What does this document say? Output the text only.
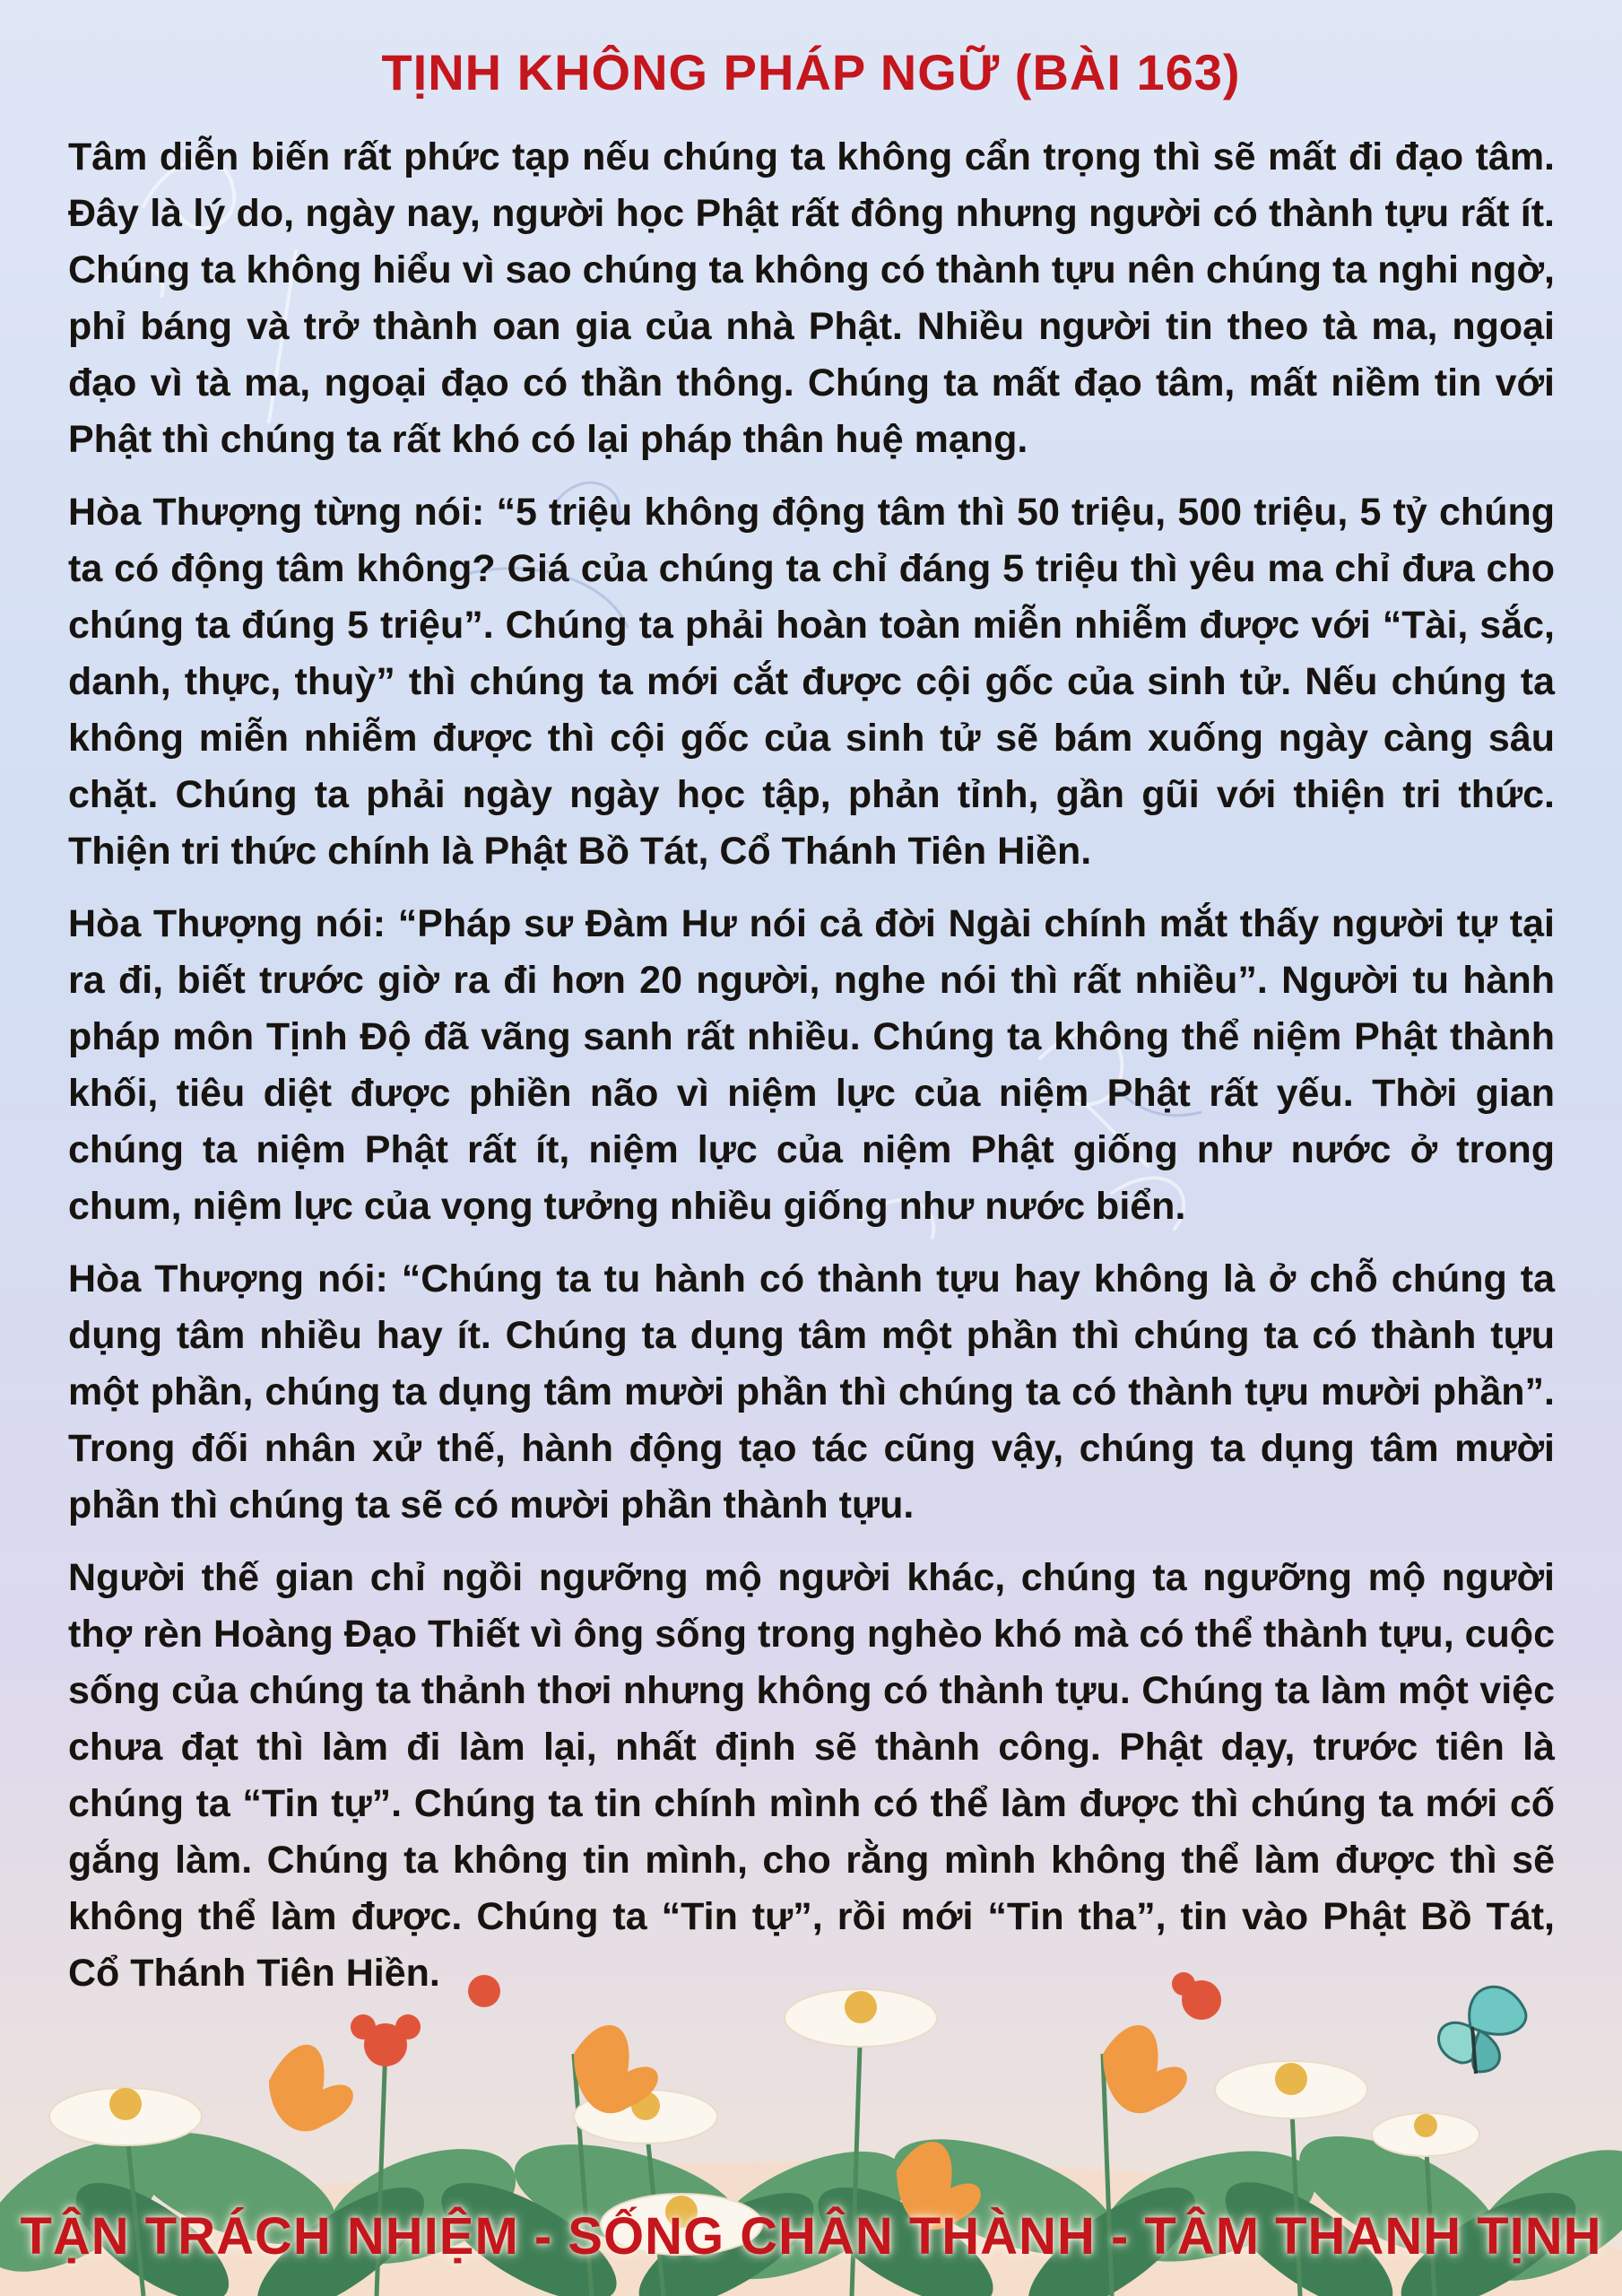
TỊNH KHÔNG PHÁP NGỮ (BÀI 163)

Tâm diễn biến rất phức tạp nếu chúng ta không cẩn trọng thì sẽ mất đi đạo tâm. Đây là lý do, ngày nay, người học Phật rất đông nhưng người có thành tựu rất ít. Chúng ta không hiểu vì sao chúng ta không có thành tựu nên chúng ta nghi ngờ, phỉ báng và trở thành oan gia của nhà Phật. Nhiều người tin theo tà ma, ngoại đạo vì tà ma, ngoại đạo có thần thông. Chúng ta mất đạo tâm, mất niềm tin với Phật thì chúng ta rất khó có lại pháp thân huệ mạng.

Hòa Thượng từng nói: “5 triệu không động tâm thì 50 triệu, 500 triệu, 5 tỷ chúng ta có động tâm không? Giá của chúng ta chỉ đáng 5 triệu thì yêu ma chỉ đưa cho chúng ta đúng 5 triệu”. Chúng ta phải hoàn toàn miễn nhiễm được với “Tài, sắc, danh, thực, thuỳ” thì chúng ta mới cắt được cội gốc của sinh tử. Nếu chúng ta không miễn nhiễm được thì cội gốc của sinh tử sẽ bám xuống ngày càng sâu chặt. Chúng ta phải ngày ngày học tập, phản tỉnh, gần gũi với thiện tri thức. Thiện tri thức chính là Phật Bồ Tát, Cổ Thánh Tiên Hiền.

Hòa Thượng nói: “Pháp sư Đàm Hư nói cả đời Ngài chính mắt thấy người tự tại ra đi, biết trước giờ ra đi hơn 20 người, nghe nói thì rất nhiều”. Người tu hành pháp môn Tịnh Độ đã vãng sanh rất nhiều. Chúng ta không thể niệm Phật thành khối, tiêu diệt được phiền não vì niệm lực của niệm Phật rất yếu. Thời gian chúng ta niệm Phật rất ít, niệm lực của niệm Phật giống như nước ở trong chum, niệm lực của vọng tưởng nhiều giống như nước biển.

Hòa Thượng nói: “Chúng ta tu hành có thành tựu hay không là ở chỗ chúng ta dụng tâm nhiều hay ít. Chúng ta dụng tâm một phần thì chúng ta có thành tựu một phần, chúng ta dụng tâm mười phần thì chúng ta có thành tựu mười phần”. Trong đối nhân xử thế, hành động tạo tác cũng vậy, chúng ta dụng tâm mười phần thì chúng ta sẽ có mười phần thành tựu.

Người thế gian chỉ ngồi ngưỡng mộ người khác, chúng ta ngưỡng mộ người thợ rèn Hoàng Đạo Thiết vì ông sống trong nghèo khó mà có thể thành tựu, cuộc sống của chúng ta thảnh thơi nhưng không có thành tựu. Chúng ta làm một việc chưa đạt thì làm đi làm lại, nhất định sẽ thành công. Phật dạy, trước tiên là chúng ta “Tin tự”. Chúng ta tin chính mình có thể làm được thì chúng ta mới cố gắng làm. Chúng ta không tin mình, cho rằng mình không thể làm được thì sẽ không thể làm được. Chúng ta “Tin tự”, rồi mới “Tin tha”, tin vào Phật Bồ Tát, Cổ Thánh Tiên Hiền.

TẬN TRÁCH NHIỆM - SỐNG CHÂN THÀNH - TÂM THANH TỊNH
